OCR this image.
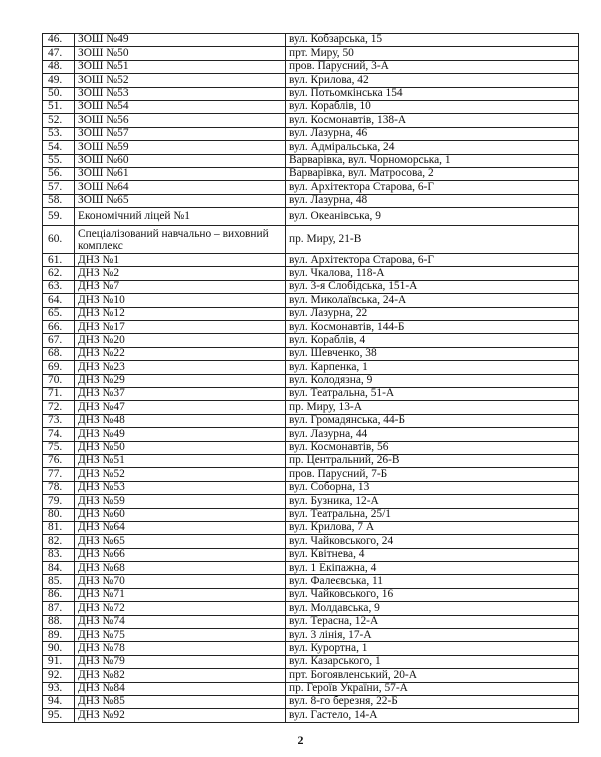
46.	ЗОШ №49	вул. Кобзарська, 15
47.	ЗОШ №50	прт. Миру, 50
48.	ЗОШ №51	пров. Парусний, 3-А
49.	ЗОШ №52	вул. Крилова, 42
50.	ЗОШ №53	вул. Потьомкінська 154
51.	ЗОШ №54	вул. Кораблів, 10
52.	ЗОШ №56	вул. Космонавтів, 138-А
53.	ЗОШ №57	вул. Лазурна, 46
54.	ЗОШ №59	вул. Адміральська, 24
55.	ЗОШ №60	Варварівка, вул. Чорноморська, 1
56.	ЗОШ №61	Варварівка, вул. Матросова, 2
57.	ЗОШ №64	вул. Архітектора Старова, 6-Г
58.	ЗОШ №65	вул. Лазурна, 48
59.	Економічний ліцей №1	вул. Океанівська, 9
60.	Спеціалізований навчально – виховний комплекс	пр. Миру, 21-В
61.	ДНЗ №1	вул. Архітектора Старова, 6-Г
62.	ДНЗ №2	вул. Чкалова, 118-А
63.	ДНЗ №7	вул. 3-я Слобідська, 151-А
64.	ДНЗ №10	вул. Миколаївська, 24-А
65.	ДНЗ №12	вул. Лазурна, 22
66.	ДНЗ №17	вул. Космонавтів, 144-Б
67.	ДНЗ №20	вул. Кораблів, 4
68.	ДНЗ №22	вул. Шевченко, 38
69.	ДНЗ №23	вул. Карпенка, 1
70.	ДНЗ №29	вул. Колодязна, 9
71.	ДНЗ №37	вул. Театральна, 51-А
72.	ДНЗ №47	пр. Миру, 13-А
73.	ДНЗ №48	вул. Громадянська, 44-Б
74.	ДНЗ №49	вул. Лазурна, 44
75.	ДНЗ №50	вул. Космонавтів, 56
76.	ДНЗ №51	пр. Центральний, 26-В
77.	ДНЗ №52	пров. Парусний, 7-Б
78.	ДНЗ №53	вул. Соборна, 13
79.	ДНЗ №59	вул. Бузника, 12-А
80.	ДНЗ №60	вул. Театральна, 25/1
81.	ДНЗ №64	вул. Крилова, 7 А
82.	ДНЗ №65	вул. Чайковського, 24
83.	ДНЗ №66	вул. Квітнева, 4
84.	ДНЗ №68	вул. 1 Екіпажна, 4
85.	ДНЗ №70	вул. Фалеєвська, 11
86.	ДНЗ №71	вул. Чайковського, 16
87.	ДНЗ №72	вул. Молдавська, 9
88.	ДНЗ №74	вул. Терасна, 12-А
89.	ДНЗ №75	вул. 3 лінія, 17-А
90.	ДНЗ №78	вул. Курортна, 1
91.	ДНЗ №79	вул. Казарського, 1
92.	ДНЗ №82	прт. Богоявленський, 20-А
93.	ДНЗ №84	пр. Героїв України, 57-А
94.	ДНЗ №85	вул. 8-го березня, 22-Б
95.	ДНЗ №92	вул. Гастело, 14-А
2
